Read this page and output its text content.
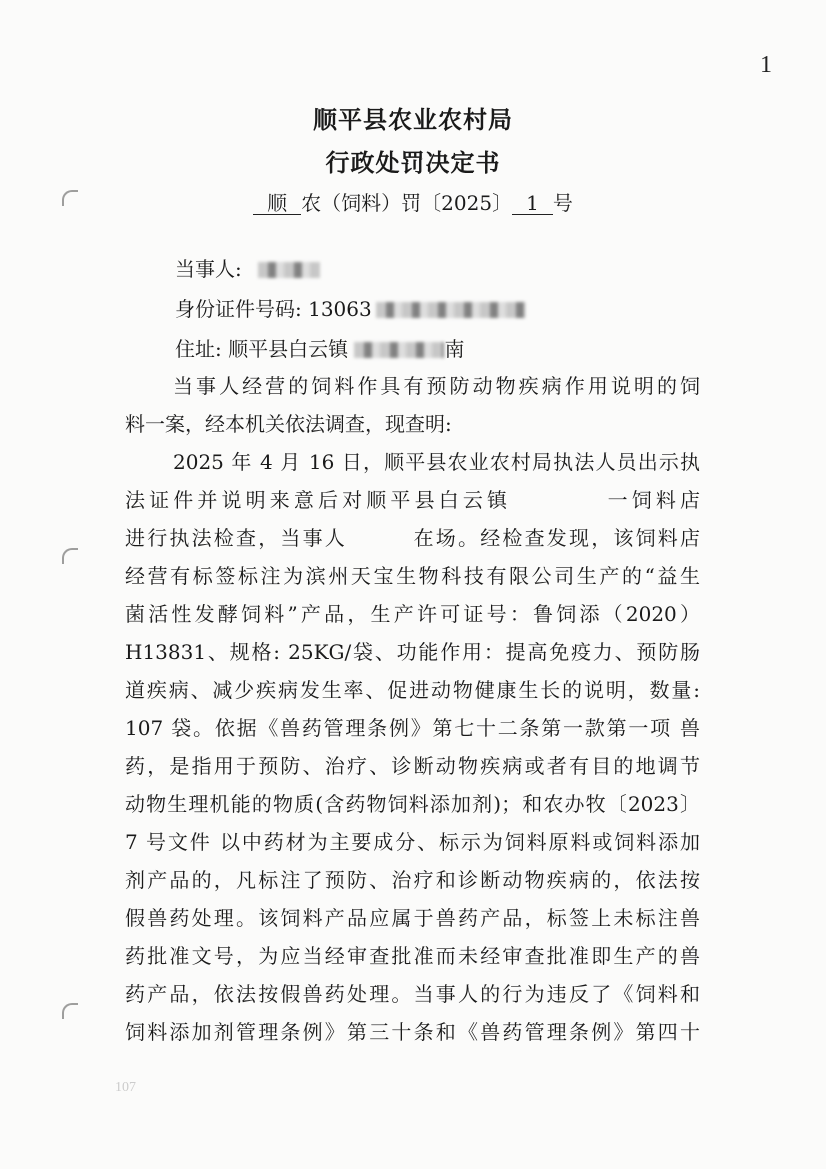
1
顺平县农业农村局
行政处罚决定书
顺 农（饲料）罚〔2025〕 1 号
当事人:
身份证件号码: 13063
住址: 顺平县白云镇	南
当事人经营的饲料作具有预防动物疾病作用说明的饲
料一案，经本机关依法调查，现查明:
2025 年 4 月 16 日，顺平县农业农村局执法人员出示执
法证件并说明来意后对顺平县白云镇　　　　一饲料店
进行执法检查，当事人　　　在场。经检查发现，该饲料店
经营有标签标注为滨州天宝生物科技有限公司生产的“益生
菌活性发酵饲料”产品，生产许可证号：鲁饲添（2020）
H13831、规格: 25KG/袋、功能作用：提高免疫力、预防肠
道疾病、减少疾病发生率、促进动物健康生长的说明，数量:
107 袋。依据《兽药管理条例》第七十二条第一款第一项 兽
药，是指用于预防、治疗、诊断动物疾病或者有目的地调节
动物生理机能的物质(含药物饲料添加剂)；和农办牧〔2023〕
7 号文件 以中药材为主要成分、标示为饲料原料或饲料添加
剂产品的，凡标注了预防、治疗和诊断动物疾病的，依法按
假兽药处理。该饲料产品应属于兽药产品，标签上未标注兽
药批准文号，为应当经审查批准而未经审查批准即生产的兽
药产品，依法按假兽药处理。当事人的行为违反了《饲料和
饲料添加剂管理条例》第三十条和《兽药管理条例》第四十
107
